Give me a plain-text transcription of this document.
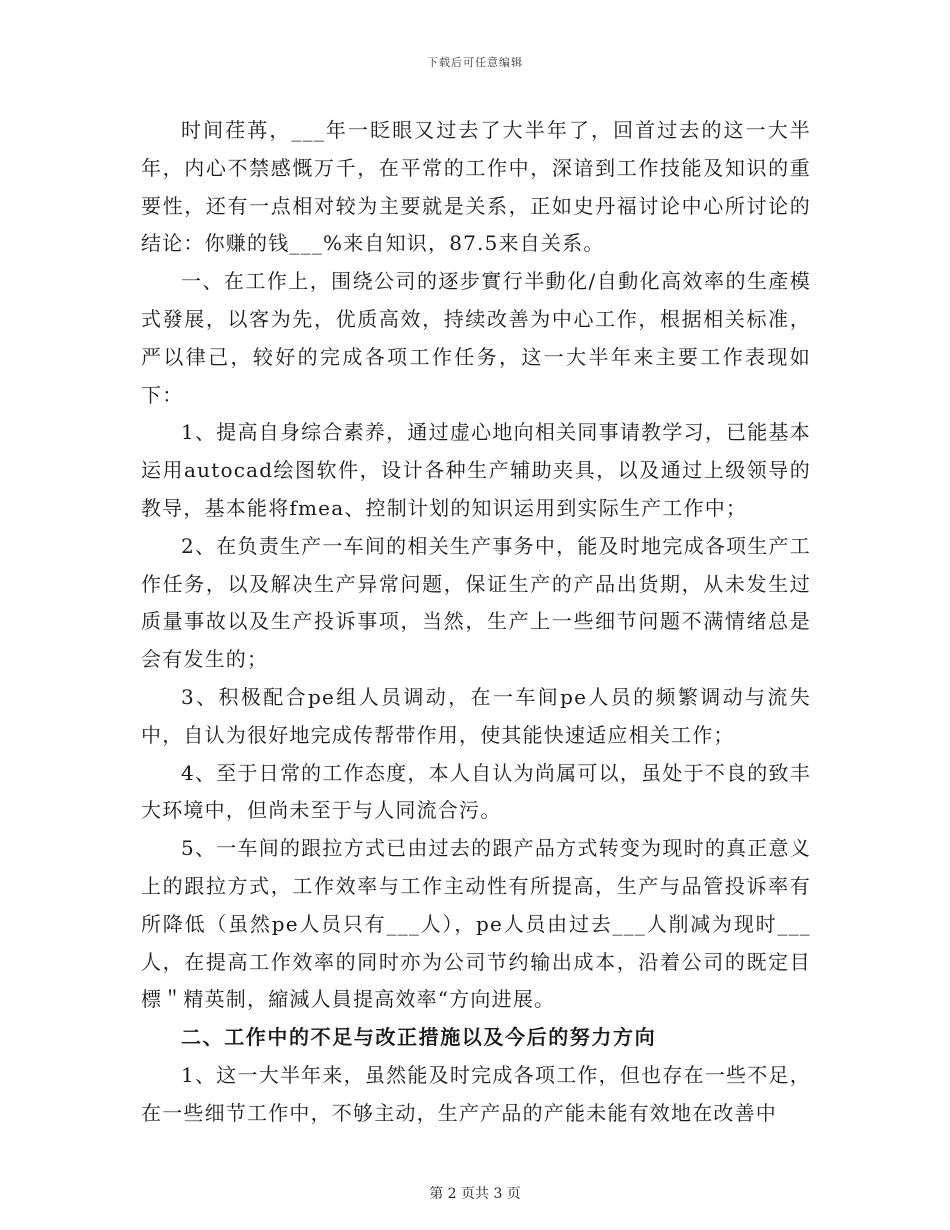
下载后可任意编辑

时间荏苒，___年一眨眼又过去了大半年了，回首过去的这一大半年，内心不禁感慨万千，在平常的工作中，深谙到工作技能及知识的重要性，还有一点相对较为主要就是关系，正如史丹福讨论中心所讨论的结论：你赚的钱___%来自知识，87.5来自关系。

一、在工作上，围绕公司的逐步實行半動化/自動化高效率的生產模式發展，以客为先，优质高效，持续改善为中心工作，根据相关标准，严以律己，较好的完成各项工作任务，这一大半年来主要工作表现如下：

1、提高自身综合素养，通过虚心地向相关同事请教学习，已能基本运用autocad绘图软件，设计各种生产辅助夹具，以及通过上级领导的教导，基本能将fmea、控制计划的知识运用到实际生产工作中；

2、在负责生产一车间的相关生产事务中，能及时地完成各项生产工作任务，以及解决生产异常问题，保证生产的产品出货期，从未发生过质量事故以及生产投诉事项，当然，生产上一些细节问题不满情绪总是会有发生的；

3、积极配合pe组人员调动，在一车间pe人员的频繁调动与流失中，自认为很好地完成传帮带作用，使其能快速适应相关工作；

4、至于日常的工作态度，本人自认为尚属可以，虽处于不良的致丰大环境中，但尚未至于与人同流合污。

5、一车间的跟拉方式已由过去的跟产品方式转变为现时的真正意义上的跟拉方式，工作效率与工作主动性有所提高，生产与品管投诉率有所降低（虽然pe人员只有___人），pe人员由过去___人削减为现时___人，在提高工作效率的同时亦为公司节约输出成本，沿着公司的既定目標＂精英制，縮減人員提高效率“方向进展。

二、工作中的不足与改正措施以及今后的努力方向

1、这一大半年来，虽然能及时完成各项工作，但也存在一些不足，在一些细节工作中，不够主动，生产产品的产能未能有效地在改善中

第 2 页共 3 页
